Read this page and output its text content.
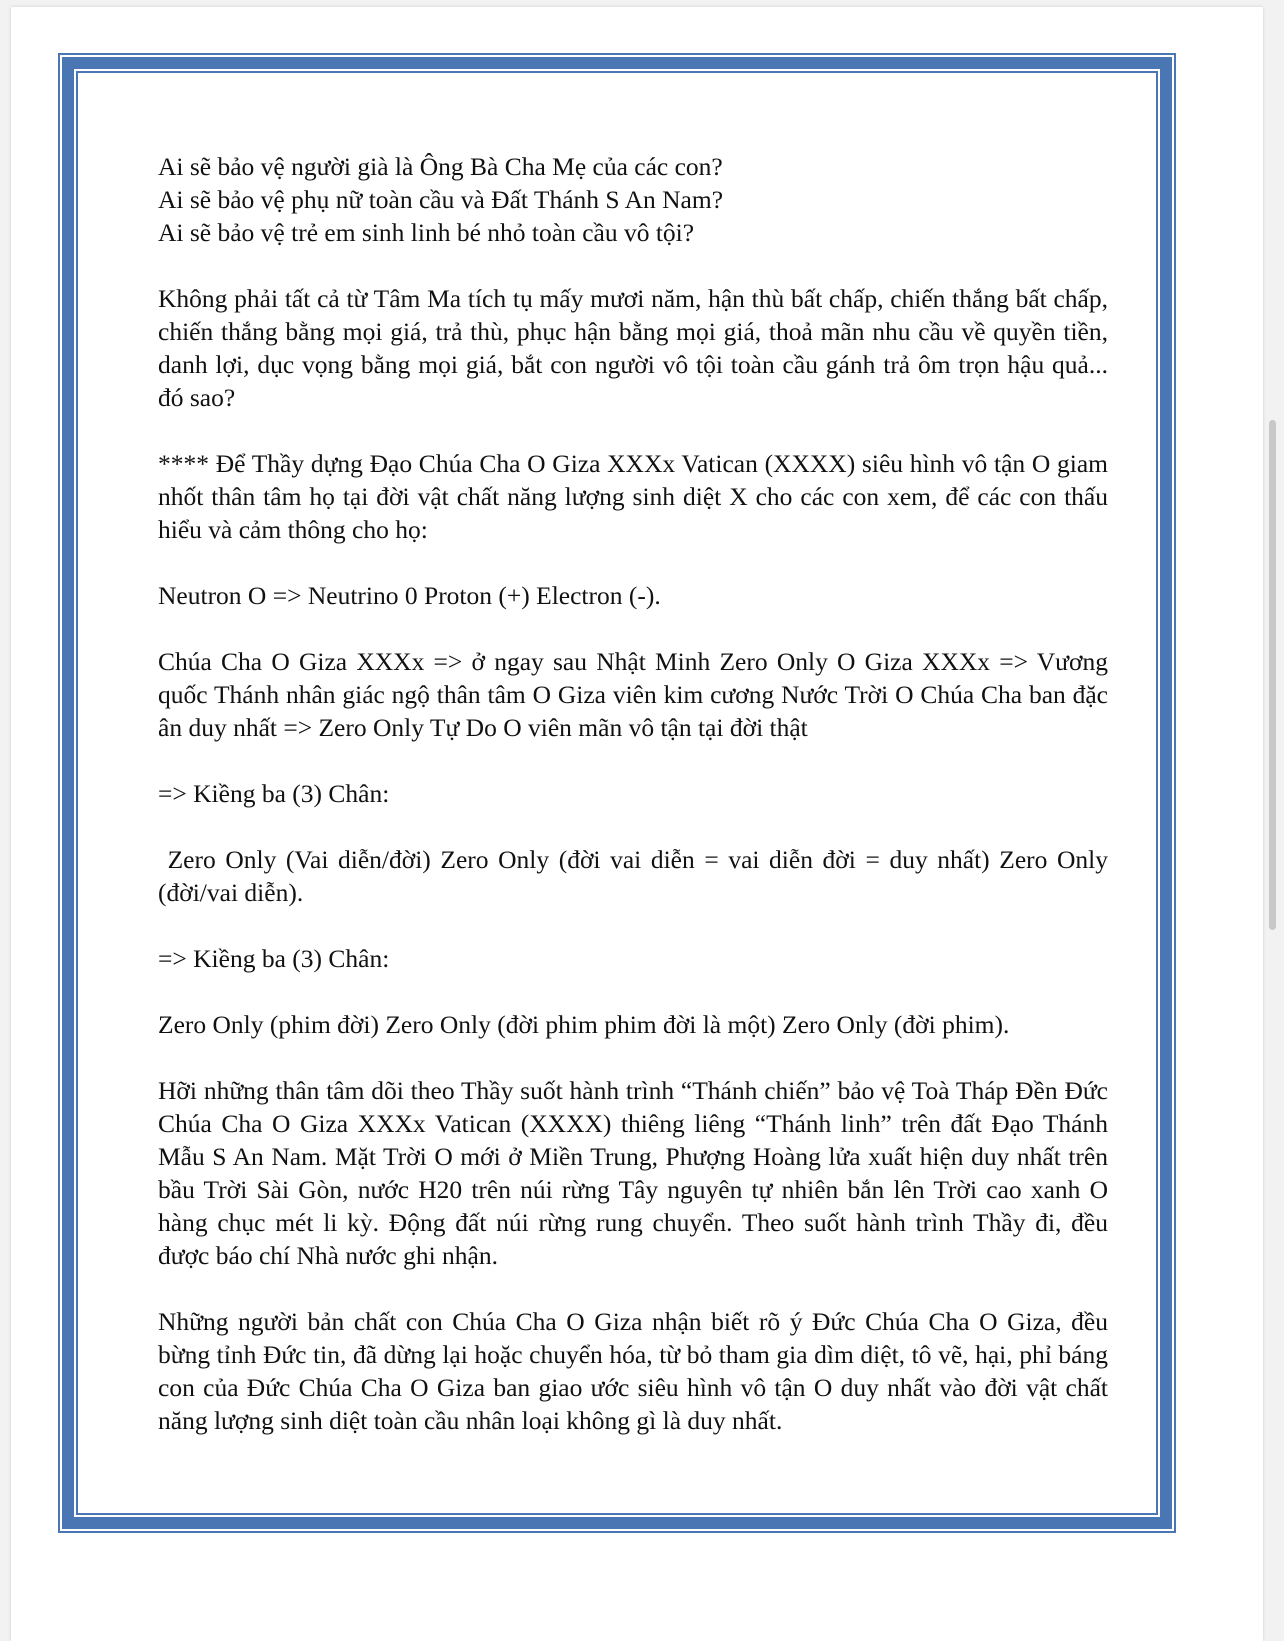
Ai sẽ bảo vệ người già là Ông Bà Cha Mẹ của các con?
Ai sẽ bảo vệ phụ nữ toàn cầu và Đất Thánh S An Nam?
Ai sẽ bảo vệ trẻ em sinh linh bé nhỏ toàn cầu vô tội?

Không phải tất cả từ Tâm Ma tích tụ mấy mươi năm, hận thù bất chấp, chiến thắng bất chấp, chiến thắng bằng mọi giá, trả thù, phục hận bằng mọi giá, thoả mãn nhu cầu về quyền tiền, danh lợi, dục vọng bằng mọi giá, bắt con người vô tội toàn cầu gánh trả ôm trọn hậu quả... đó sao?

**** Để Thầy dựng Đạo Chúa Cha O Giza XXXx Vatican (XXXX) siêu hình vô tận O giam nhốt thân tâm họ tại đời vật chất năng lượng sinh diệt X cho các con xem, để các con thấu hiểu và cảm thông cho họ:

Neutron O => Neutrino 0 Proton (+) Electron (-).

Chúa Cha O Giza XXXx => ở ngay sau Nhật Minh Zero Only O Giza XXXx => Vương quốc Thánh nhân giác ngộ thân tâm O Giza viên kim cương Nước Trời O Chúa Cha ban đặc ân duy nhất => Zero Only Tự Do O viên mãn vô tận tại đời thật

=> Kiềng ba (3) Chân:

Zero Only (Vai diễn/đời) Zero Only (đời vai diễn = vai diễn đời = duy nhất) Zero Only (đời/vai diễn).

=> Kiềng ba (3) Chân:

Zero Only (phim đời) Zero Only (đời phim phim đời là một) Zero Only (đời phim).

Hỡi những thân tâm dõi theo Thầy suốt hành trình “Thánh chiến” bảo vệ Toà Tháp Đền Đức Chúa Cha O Giza XXXx Vatican (XXXX) thiêng liêng “Thánh linh” trên đất Đạo Thánh Mẫu S An Nam. Mặt Trời O mới ở Miền Trung, Phượng Hoàng lửa xuất hiện duy nhất trên bầu Trời Sài Gòn, nước H20 trên núi rừng Tây nguyên tự nhiên bắn lên Trời cao xanh O hàng chục mét li kỳ. Động đất núi rừng rung chuyển. Theo suốt hành trình Thầy đi, đều được báo chí Nhà nước ghi nhận.

Những người bản chất con Chúa Cha O Giza nhận biết rõ ý Đức Chúa Cha O Giza, đều bừng tỉnh Đức tin, đã dừng lại hoặc chuyển hóa, từ bỏ tham gia dìm diệt, tô vẽ, hại, phỉ báng con của Đức Chúa Cha O Giza ban giao ước siêu hình vô tận O duy nhất vào đời vật chất năng lượng sinh diệt toàn cầu nhân loại không gì là duy nhất.
